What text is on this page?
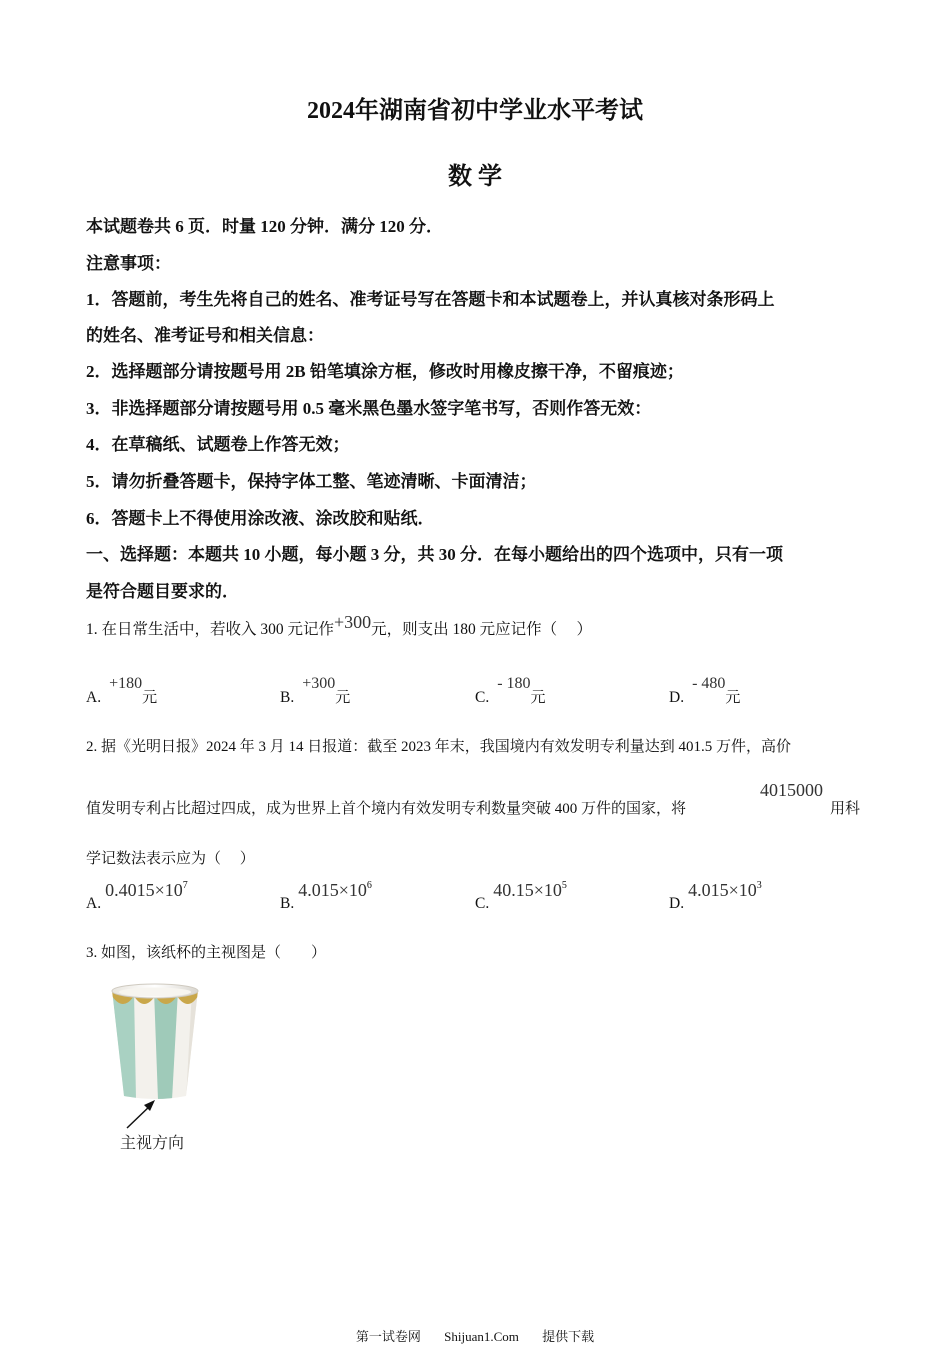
2024年湖南省初中学业水平考试
数 学
本试题卷共 6 页．时量 120 分钟．满分 120 分．
注意事项：
1．答题前，考生先将自己的姓名、准考证号写在答题卡和本试题卷上，并认真核对条形码上
的姓名、准考证号和相关信息：
2．选择题部分请按题号用 2B 铅笔填涂方框，修改时用橡皮擦干净，不留痕迹；
3．非选择题部分请按题号用 0.5 毫米黑色墨水签字笔书写，否则作答无效：
4．在草稿纸、试题卷上作答无效；
5．请勿折叠答题卡，保持字体工整、笔迹清晰、卡面清洁；
6．答题卡上不得使用涂改液、涂改胶和贴纸．
一、选择题：本题共 10 小题，每小题 3 分，共 30 分．在每小题给出的四个选项中，只有一项
是符合题目要求的．
1. 在日常生活中，若收入 300 元记作+300元，则支出 180 元应记作（　 ）
A. +180元	B. +300元	C. - 180元	D. - 480元
2. 据《光明日报》2024 年 3 月 14 日报道：截至 2023 年末，我国境内有效发明专利量达到 401.5 万件，高价
值发明专利占比超过四成，成为世界上首个境内有效发明专利数量突破 400 万件的国家，将
4015000
用科
学记数法表示应为（　 ）
A. $0.4015\times 10^7$
B. $4.015\times 10^6$
C. $40.15\times 10^5$
D. $4.015\times 10^3$
3. 如图，该纸杯的主视图是（　　）
主视方向
第一试卷网 Shijuan1.Com 提供下载
